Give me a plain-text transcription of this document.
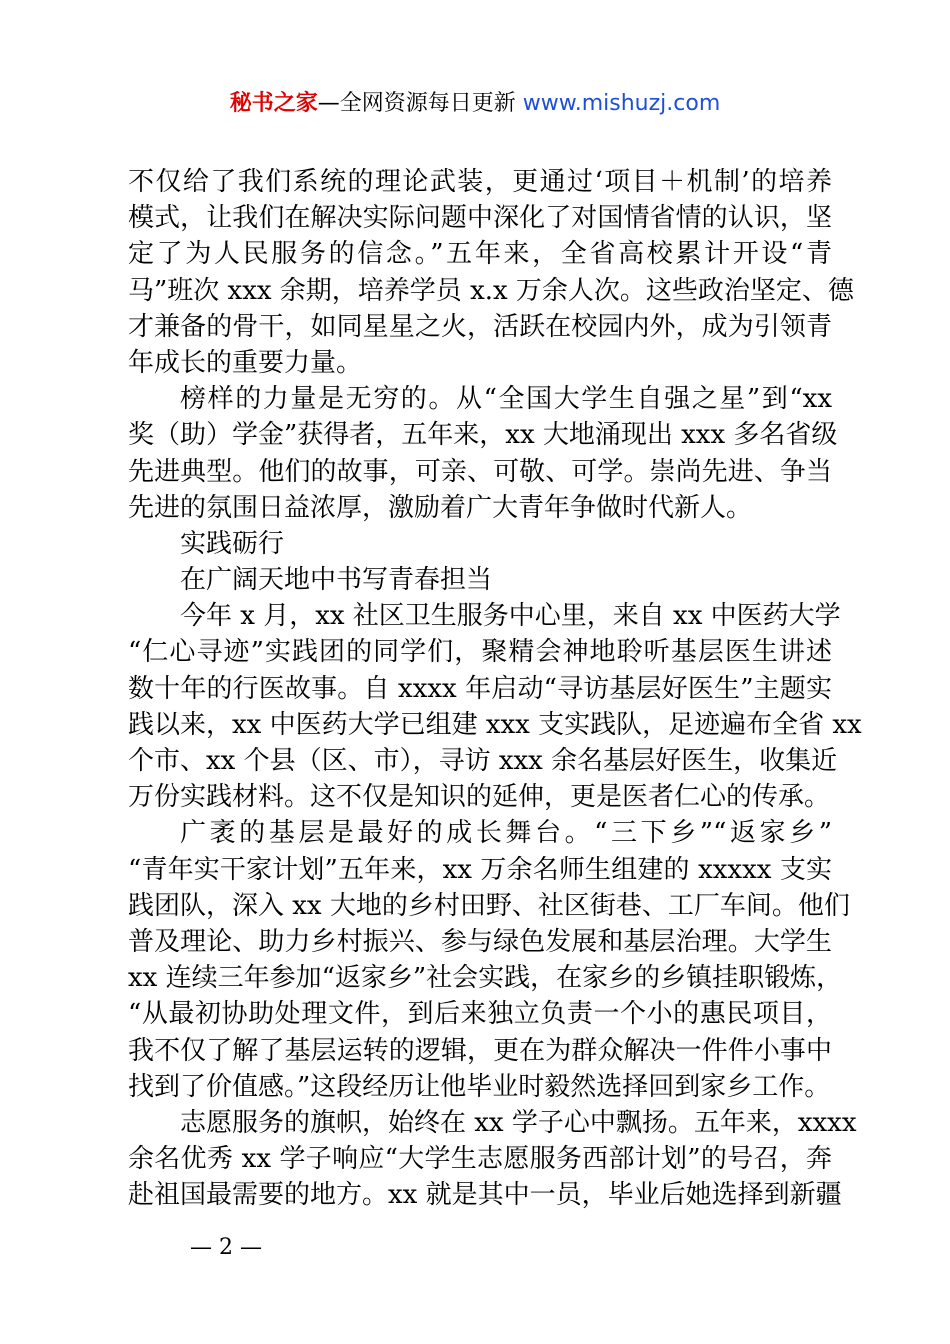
秘书之家—全网资源每日更新 www.mishuzj.com
不仅给了我们系统的理论武装，更通过‘项目＋机制’的培养
模式，让我们在解决实际问题中深化了对国情省情的认识，坚
定了为人民服务的信念。”五年来，全省高校累计开设“青
马”班次 xxx 余期，培养学员 x.x 万余人次。这些政治坚定、德
才兼备的骨干，如同星星之火，活跃在校园内外，成为引领青
年成长的重要力量。
榜样的力量是无穷的。从“全国大学生自强之星”到“xx
奖（助）学金”获得者，五年来，xx 大地涌现出 xxx 多名省级
先进典型。他们的故事，可亲、可敬、可学。崇尚先进、争当
先进的氛围日益浓厚，激励着广大青年争做时代新人。
实践砺行
在广阔天地中书写青春担当
今年 x 月，xx 社区卫生服务中心里，来自 xx 中医药大学
“仁心寻迹”实践团的同学们，聚精会神地聆听基层医生讲述
数十年的行医故事。自 xxxx 年启动“寻访基层好医生”主题实
践以来，xx 中医药大学已组建 xxx 支实践队，足迹遍布全省 xx
个市、xx 个县（区、市），寻访 xxx 余名基层好医生，收集近
万份实践材料。这不仅是知识的延伸，更是医者仁心的传承。
广袤的基层是最好的成长舞台。“三下乡”“返家乡”
“青年实干家计划”五年来，xx 万余名师生组建的 xxxxx 支实
践团队，深入 xx 大地的乡村田野、社区街巷、工厂车间。他们
普及理论、助力乡村振兴、参与绿色发展和基层治理。大学生
xx 连续三年参加“返家乡”社会实践，在家乡的乡镇挂职锻炼，
“从最初协助处理文件，到后来独立负责一个小的惠民项目，
我不仅了解了基层运转的逻辑，更在为群众解决一件件小事中
找到了价值感。”这段经历让他毕业时毅然选择回到家乡工作。
志愿服务的旗帜，始终在 xx 学子心中飘扬。五年来，xxxx
余名优秀 xx 学子响应“大学生志愿服务西部计划”的号召，奔
赴祖国最需要的地方。xx 就是其中一员，毕业后她选择到新疆
— 2 —
